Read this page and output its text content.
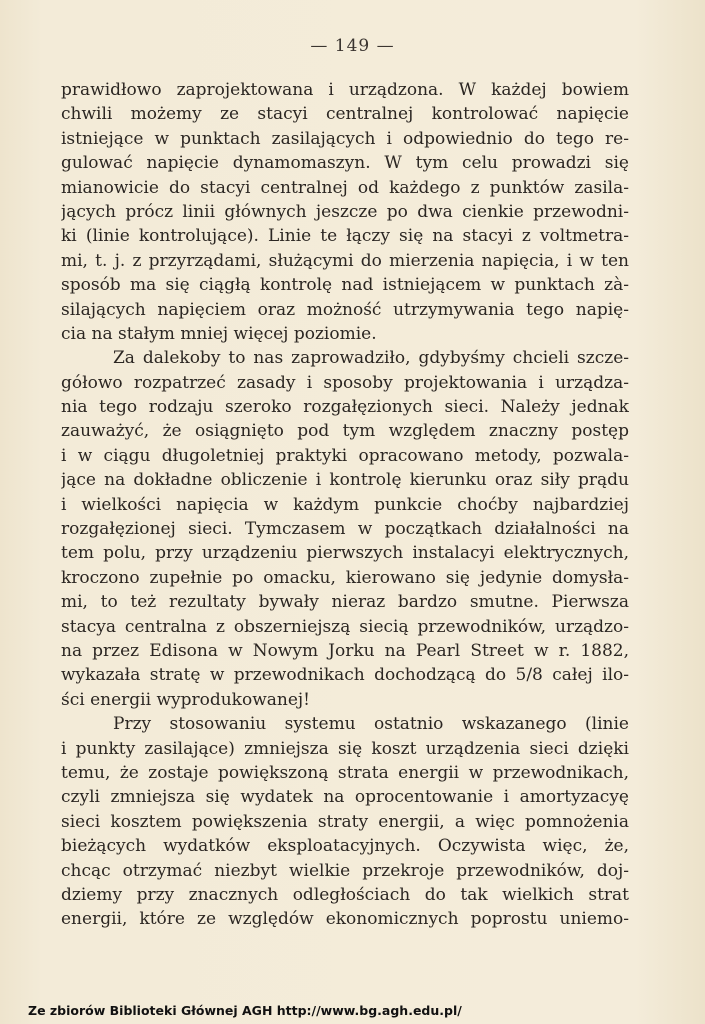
— 149 —
prawidłowo zaprojektowana i urządzona. W każdej bowiem
chwili możemy ze stacyi centralnej kontrolować napięcie
istniejące w punktach zasilających i odpowiednio do tego re-
gulować napięcie dynamomaszyn. W tym celu prowadzi się
mianowicie do stacyi centralnej od każdego z punktów zasila-
jących prócz linii głównych jeszcze po dwa cienkie przewodni-
ki (linie kontrolujące). Linie te łączy się na stacyi z voltmetra-
mi, t. j. z przyrządami, służącymi do mierzenia napięcia, i w ten
sposób ma się ciągłą kontrolę nad istniejącem w punktach zà-
silających napięciem oraz możność utrzymywania tego napię-
cia na stałym mniej więcej poziomie.
Za dalekoby to nas zaprowadziło, gdybyśmy chcieli szcze-
gółowo rozpatrzeć zasady i sposoby projektowania i urządza-
nia tego rodzaju szeroko rozgałęzionych sieci. Należy jednak
zauważyć, że osiągnięto pod tym względem znaczny postęp
i w ciągu długoletniej praktyki opracowano metody, pozwala-
jące na dokładne obliczenie i kontrolę kierunku oraz siły prądu
i wielkości napięcia w każdym punkcie choćby najbardziej
rozgałęzionej sieci. Tymczasem w początkach działalności na
tem polu, przy urządzeniu pierwszych instalacyi elektrycznych,
kroczono zupełnie po omacku, kierowano się jedynie domysła-
mi, to też rezultaty bywały nieraz bardzo smutne. Pierwsza
stacya centralna z obszerniejszą siecią przewodników, urządzo-
na przez Edisona w Nowym Jorku na Pearl Street w r. 1882,
wykazała stratę w przewodnikach dochodzącą do 5/8 całej ilo-
ści energii wyprodukowanej!
Przy stosowaniu systemu ostatnio wskazanego (linie
i punkty zasilające) zmniejsza się koszt urządzenia sieci dzięki
temu, że zostaje powiększoną strata energii w przewodnikach,
czyli zmniejsza się wydatek na oprocentowanie i amortyzacyę
sieci kosztem powiększenia straty energii, a więc pomnożenia
bieżących wydatków eksploatacyjnych. Oczywista więc, że,
chcąc otrzymać niezbyt wielkie przekroje przewodników, doj-
dziemy przy znacznych odległościach do tak wielkich strat
energii, które ze względów ekonomicznych poprostu uniemo-
Ze zbiorów Biblioteki Głównej AGH http://www.bg.agh.edu.pl/
